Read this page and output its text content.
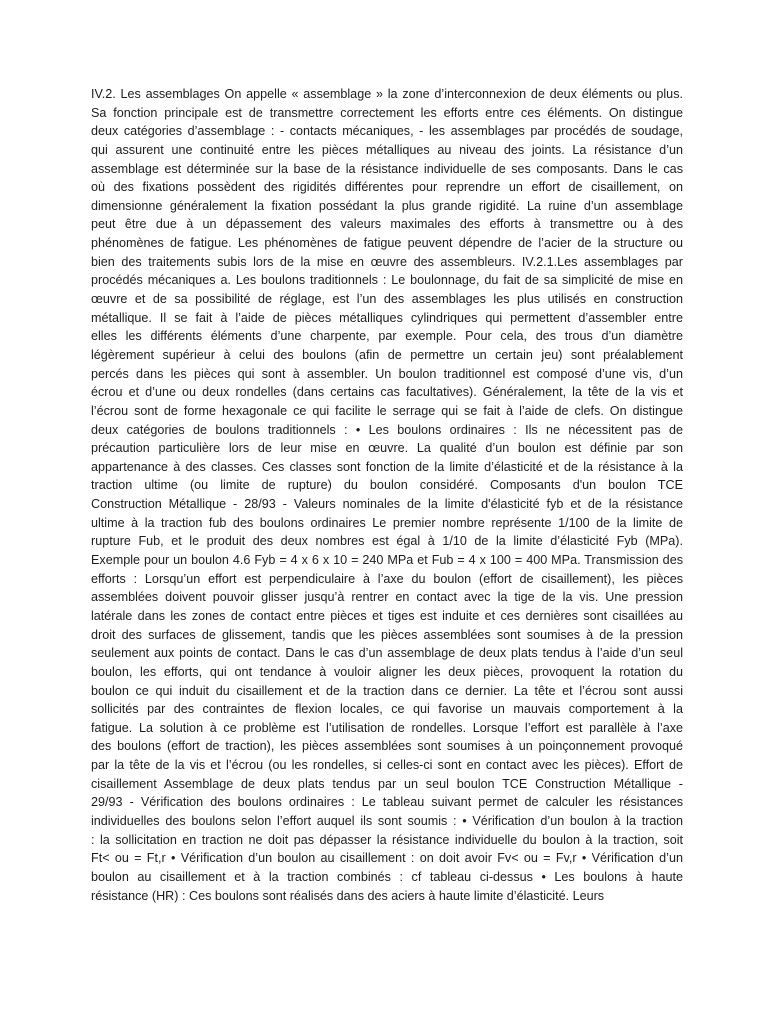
IV.2. Les assemblages On appelle « assemblage » la zone d’interconnexion de deux éléments ou plus.
Sa fonction principale est de transmettre correctement les efforts entre ces éléments. On distingue
deux catégories d’assemblage : - contacts mécaniques, - les assemblages par procédés de soudage,
qui assurent une continuité entre les pièces métalliques au niveau des joints. La résistance d’un
assemblage est déterminée sur la base de la résistance individuelle de ses composants. Dans le cas
où des fixations possèdent des rigidités différentes pour reprendre un effort de cisaillement, on
dimensionne généralement la fixation possédant la plus grande rigidité. La ruine d’un assemblage
peut être due à un dépassement des valeurs maximales des efforts à transmettre ou à des
phénomènes de fatigue. Les phénomènes de fatigue peuvent dépendre de l’acier de la structure ou
bien des traitements subis lors de la mise en œuvre des assembleurs. IV.2.1.Les assemblages par
procédés mécaniques a. Les boulons traditionnels : Le boulonnage, du fait de sa simplicité de mise en
œuvre et de sa possibilité de réglage, est l’un des assemblages les plus utilisés en construction
métallique. Il se fait à l’aide de pièces métalliques cylindriques qui permettent d’assembler entre
elles les différents éléments d’une charpente, par exemple. Pour cela, des trous d’un diamètre
légèrement supérieur à celui des boulons (afin de permettre un certain jeu) sont préalablement
percés dans les pièces qui sont à assembler. Un boulon traditionnel est composé d’une vis, d’un
écrou et d’une ou deux rondelles (dans certains cas facultatives). Généralement, la tête de la vis et
l’écrou sont de forme hexagonale ce qui facilite le serrage qui se fait à l’aide de clefs. On distingue
deux catégories de boulons traditionnels : • Les boulons ordinaires : Ils ne nécessitent pas de
précaution particulière lors de leur mise en œuvre. La qualité d’un boulon est définie par son
appartenance à des classes. Ces classes sont fonction de la limite d’élasticité et de la résistance à la
traction ultime (ou limite de rupture) du boulon considéré. Composants d'un boulon TCE
Construction Métallique - 28/93 - Valeurs nominales de la limite d'élasticité fyb et de la résistance
ultime à la traction fub des boulons ordinaires Le premier nombre représente 1/100 de la limite de
rupture Fub, et le produit des deux nombres est égal à 1/10 de la limite d’élasticité Fyb (MPa).
Exemple pour un boulon 4.6 Fyb = 4 x 6 x 10 = 240 MPa et Fub = 4 x 100 = 400 MPa. Transmission des
efforts : Lorsqu’un effort est perpendiculaire à l’axe du boulon (effort de cisaillement), les pièces
assemblées doivent pouvoir glisser jusqu’à rentrer en contact avec la tige de la vis. Une pression
latérale dans les zones de contact entre pièces et tiges est induite et ces dernières sont cisaillées au
droit des surfaces de glissement, tandis que les pièces assemblées sont soumises à de la pression
seulement aux points de contact. Dans le cas d’un assemblage de deux plats tendus à l’aide d’un seul
boulon, les efforts, qui ont tendance à vouloir aligner les deux pièces, provoquent la rotation du
boulon ce qui induit du cisaillement et de la traction dans ce dernier. La tête et l’écrou sont aussi
sollicités par des contraintes de flexion locales, ce qui favorise un mauvais comportement à la
fatigue. La solution à ce problème est l’utilisation de rondelles. Lorsque l’effort est parallèle à l’axe
des boulons (effort de traction), les pièces assemblées sont soumises à un poinçonnement provoqué
par la tête de la vis et l’écrou (ou les rondelles, si celles-ci sont en contact avec les pièces). Effort de
cisaillement Assemblage de deux plats tendus par un seul boulon TCE Construction Métallique -
29/93 - Vérification des boulons ordinaires : Le tableau suivant permet de calculer les résistances
individuelles des boulons selon l’effort auquel ils sont soumis : • Vérification d’un boulon à la traction
: la sollicitation en traction ne doit pas dépasser la résistance individuelle du boulon à la traction, soit
Ft< ou = Ft,r • Vérification d’un boulon au cisaillement : on doit avoir Fv< ou = Fv,r • Vérification d’un
boulon au cisaillement et à la traction combinés : cf tableau ci-dessus • Les boulons à haute
résistance (HR) : Ces boulons sont réalisés dans des aciers à haute limite d’élasticité. Leurs
